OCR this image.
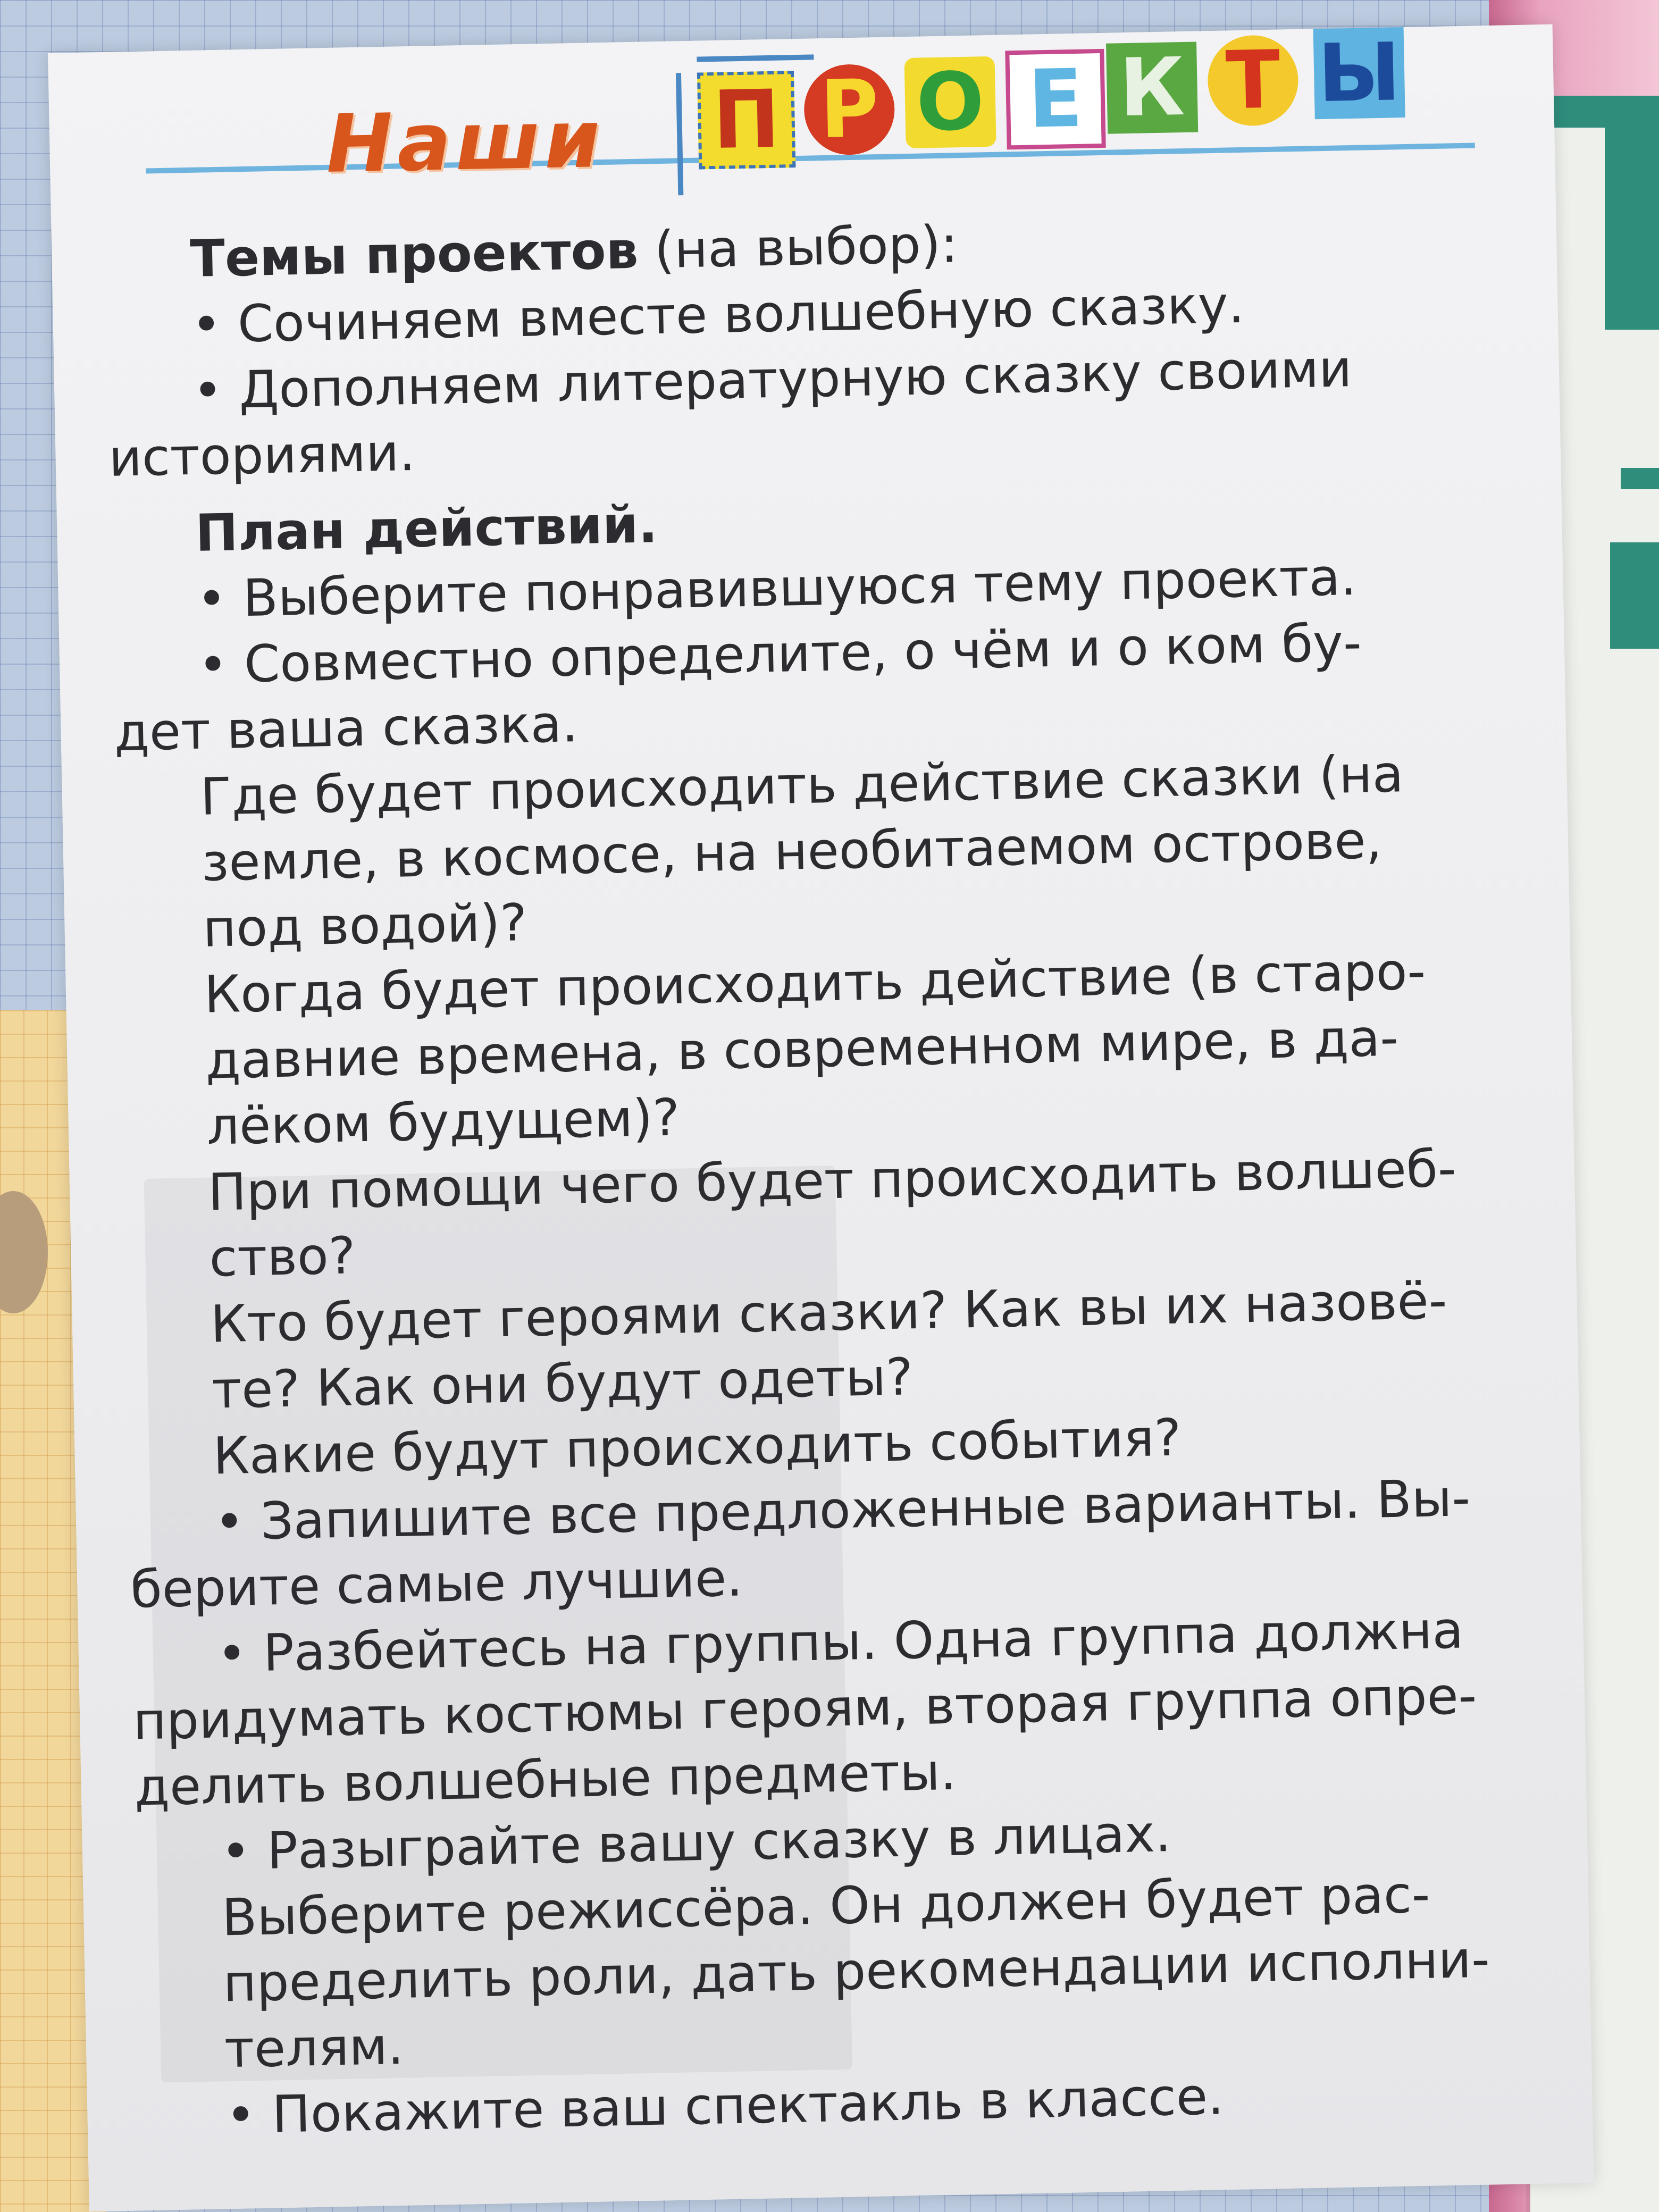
Наши П Р О Е К Т Ы
Темы проектов (на выбор):
• Сочиняем вместе волшебную сказку.
• Дополняем литературную сказку своими
историями.
План действий.
• Выберите понравившуюся тему проекта.
• Совместно определите, о чём и о ком бу-
дет ваша сказка.
Где будет происходить действие сказки (на
земле, в космосе, на необитаемом острове,
под водой)?
Когда будет происходить действие (в старо-
давние времена, в современном мире, в да-
лёком будущем)?
При помощи чего будет происходить волшеб-
ство?
Кто будет героями сказки? Как вы их назовё-
те? Как они будут одеты?
Какие будут происходить события?
• Запишите все предложенные варианты. Вы-
берите самые лучшие.
• Разбейтесь на группы. Одна группа должна
придумать костюмы героям, вторая группа опре-
делить волшебные предметы.
• Разыграйте вашу сказку в лицах.
Выберите режиссёра. Он должен будет рас-
пределить роли, дать рекомендации исполни-
телям.
• Покажите ваш спектакль в классе.
